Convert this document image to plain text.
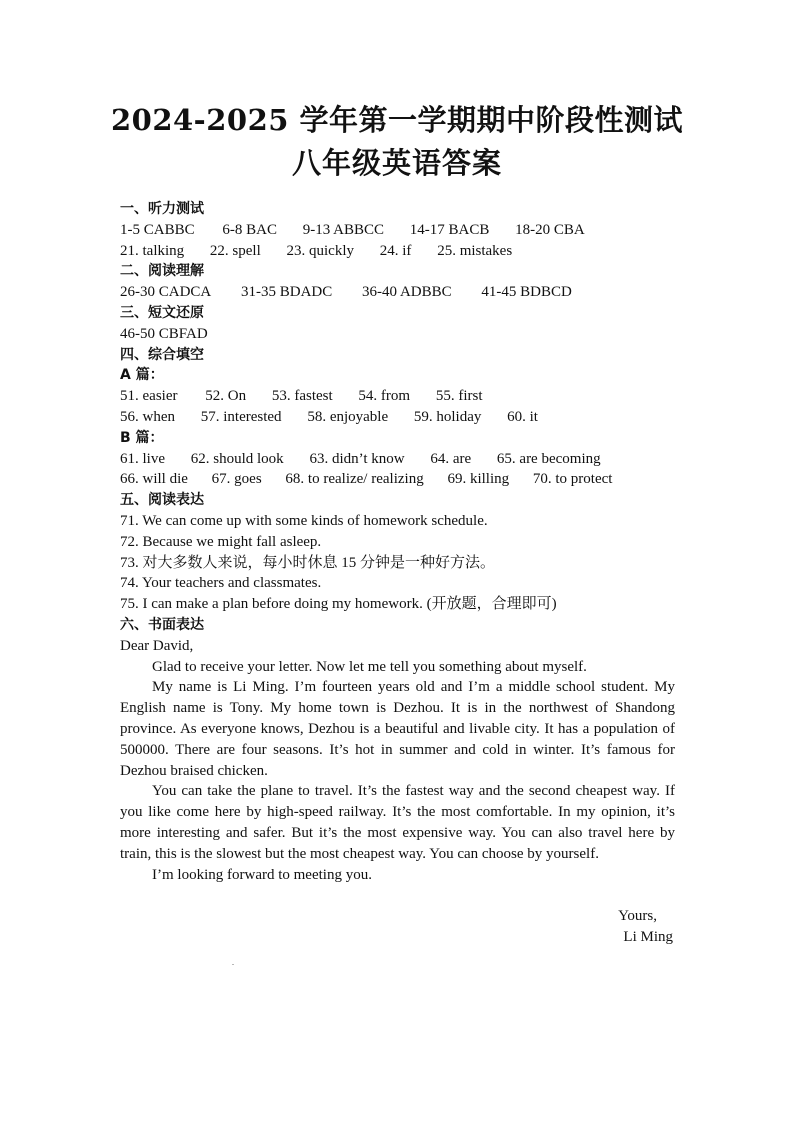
2024-2025 学年第一学期期中阶段性测试
八年级英语答案
一、听力测试
1-5 CABBC 6-8 BAC 9-13 ABBCC 14-17 BACB 18-20 CBA
21. talking 22. spell 23. quickly 24. if 25. mistakes
二、阅读理解
26-30 CADCA 31-35 BDADC 36-40 ADBBC 41-45 BDBCD
三、短文还原
46-50 CBFAD
四、综合填空
A 篇：
51. easier 52. On 53. fastest 54. from 55. first
56. when 57. interested 58. enjoyable 59. holiday 60. it
B 篇：
61. live 62. should look 63. didn’t know 64. are 65. are becoming
66. will die 67. goes 68. to realize/ realizing 69. killing 70. to protect
五、阅读表达
71. We can come up with some kinds of homework schedule.
72. Because we might fall asleep.
73. 对大多数人来说，每小时休息 15 分钟是一种好方法。
74. Your teachers and classmates.
75. I can make a plan before doing my homework. (开放题，合理即可)
六、书面表达
Dear David,

Glad to receive your letter. Now let me tell you something about myself.

My name is Li Ming. I’m fourteen years old and I’m a middle school student. My English name is Tony. My home town is Dezhou. It is in the northwest of Shandong province. As everyone knows, Dezhou is a beautiful and livable city. It has a population of 500000. There are four seasons. It’s hot in summer and cold in winter. It’s famous for Dezhou braised chicken.

You can take the plane to travel. It’s the fastest way and the second cheapest way. If you like come here by high-speed railway. It’s the most comfortable. In my opinion, it’s more interesting and safer. But it’s the most expensive way. You can also travel here by train, this is the slowest but the most cheapest way. You can choose by yourself.

I’m looking forward to meeting you.

Yours,
Li Ming
.
